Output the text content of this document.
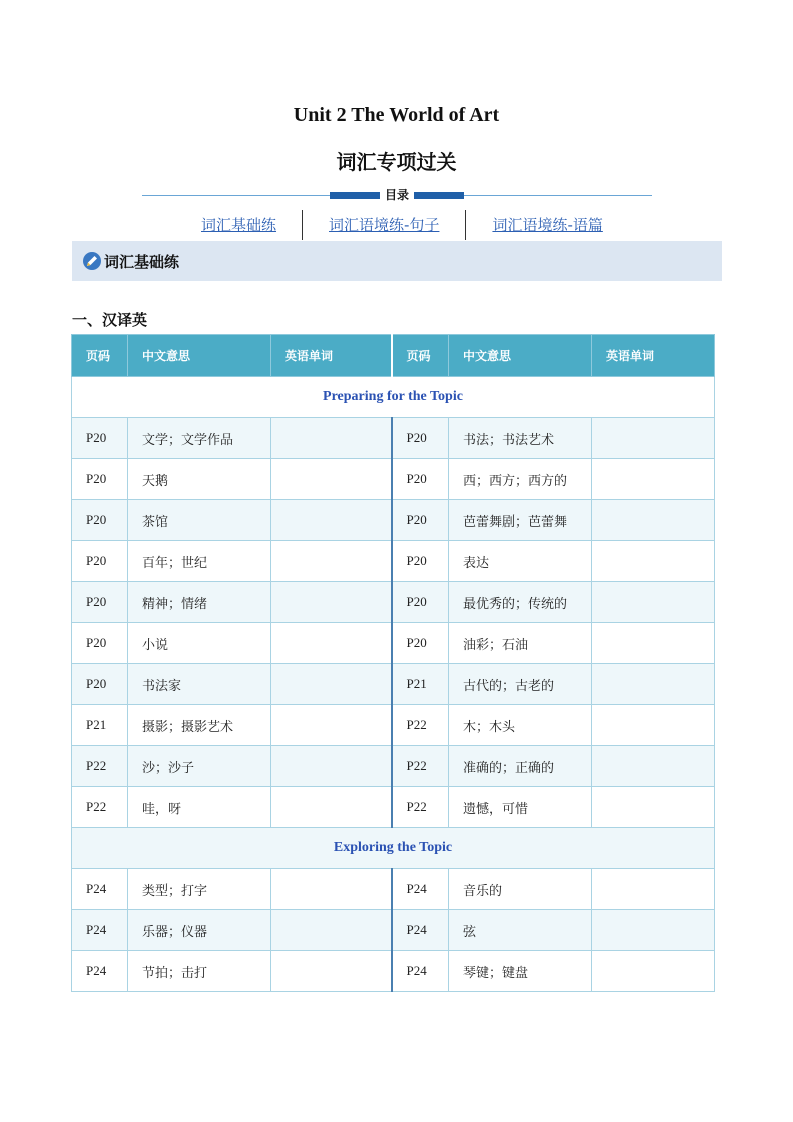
Unit 2 The World of Art
词汇专项过关
目录
词汇基础练	词汇语境练-句子	词汇语境练-语篇
词汇基础练
一、汉译英
页码	中文意思	英语单词	页码	中文意思	英语单词
Preparing for the Topic					
P20	文学；文学作品		P20	书法；书法艺术	
P20	天鹅		P20	西；西方；西方的	
P20	茶馆		P20	芭蕾舞剧；芭蕾舞	
P20	百年；世纪		P20	表达	
P20	精神；情绪		P20	最优秀的；传统的	
P20	小说		P20	油彩；石油	
P20	书法家		P21	古代的；古老的	
P21	摄影；摄影艺术		P22	木；木头	
P22	沙；沙子		P22	准确的；正确的	
P22	哇，呀		P22	遗憾，可惜	
Exploring the Topic					
P24	类型；打字		P24	音乐的	
P24	乐器；仪器		P24	弦	
P24	节拍；击打		P24	琴键；键盘	
